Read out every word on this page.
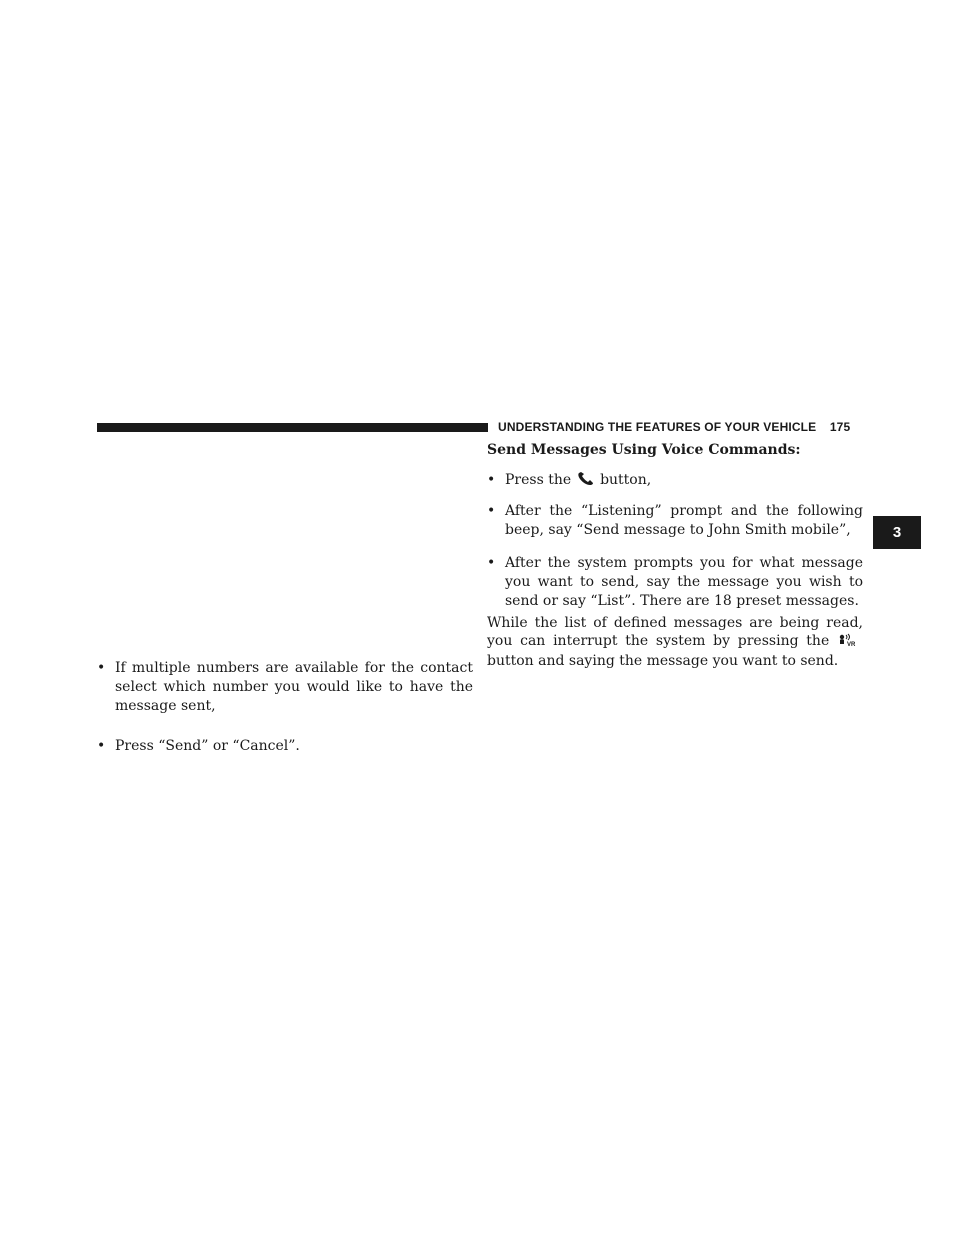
UNDERSTANDING THE FEATURES OF YOUR VEHICLE 175
3
• If multiple numbers are available for the contact select which number you would like to have the message sent,
• Press “Send” or “Cancel”.
Send Messages Using Voice Commands:
• Press the button,
• After the “Listening” prompt and the following beep, say “Send message to John Smith mobile”,
• After the system prompts you for what message you want to send, say the message you wish to send or say “List”. There are 18 preset messages.
While the list of defined messages are being read, you can interrupt the system by pressing the	VR
button and saying the message you want to send.
